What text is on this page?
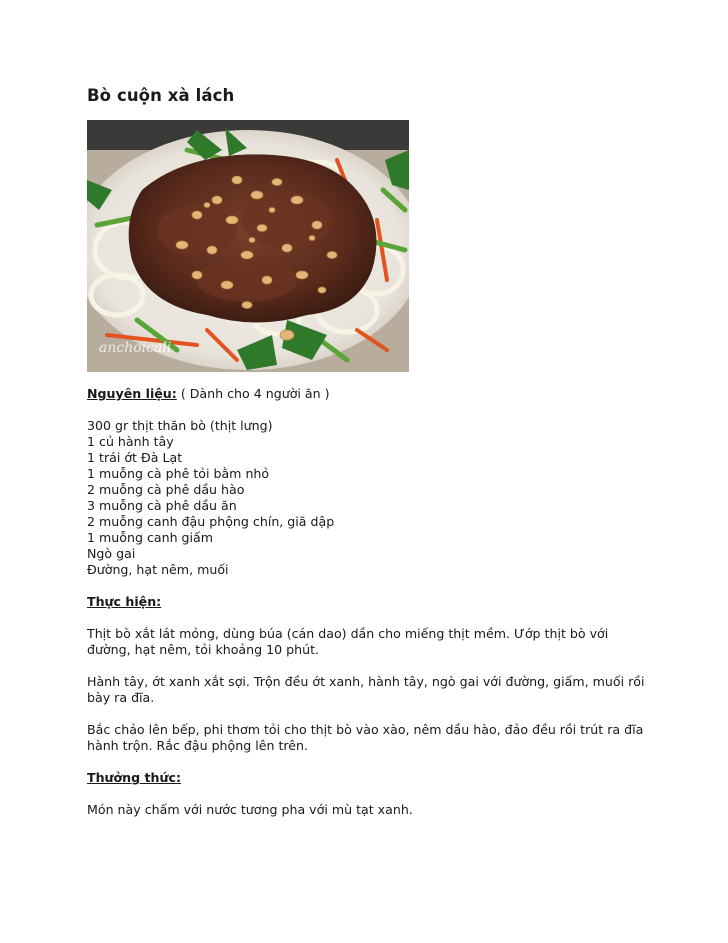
Bò cuộn xà lách
anchoicali

Nguyên liệu: ( Dành cho 4 người ăn )

300 gr thịt thăn bò (thịt lưng)
1 củ hành tây
1 trái ớt Đà Lạt
1 muỗng cà phê tỏi bằm nhỏ
2 muỗng cà phê dầu hào
3 muỗng cà phê dầu ăn
2 muỗng canh đậu phộng chín, giã dập
1 muỗng canh giấm
Ngò gai
Đường, hạt nêm, muối

Thực hiện:

Thịt bò xắt lát mỏng, dùng búa (cán dao) dần cho miếng thịt mềm. Ướp thịt bò với đường, hạt nêm, tỏi khoảng 10 phút.

Hành tây, ớt xanh xắt sợi. Trộn đều ớt xanh, hành tây, ngò gai với đường, giấm, muối rồi bày ra đĩa.

Bắc chảo lên bếp, phi thơm tỏi cho thịt bò vào xào, nêm dầu hào, đảo đều rồi trút ra đĩa hành trộn. Rắc đậu phộng lên trên.

Thưởng thức:

Món này chấm với nước tương pha với mù tạt xanh.
